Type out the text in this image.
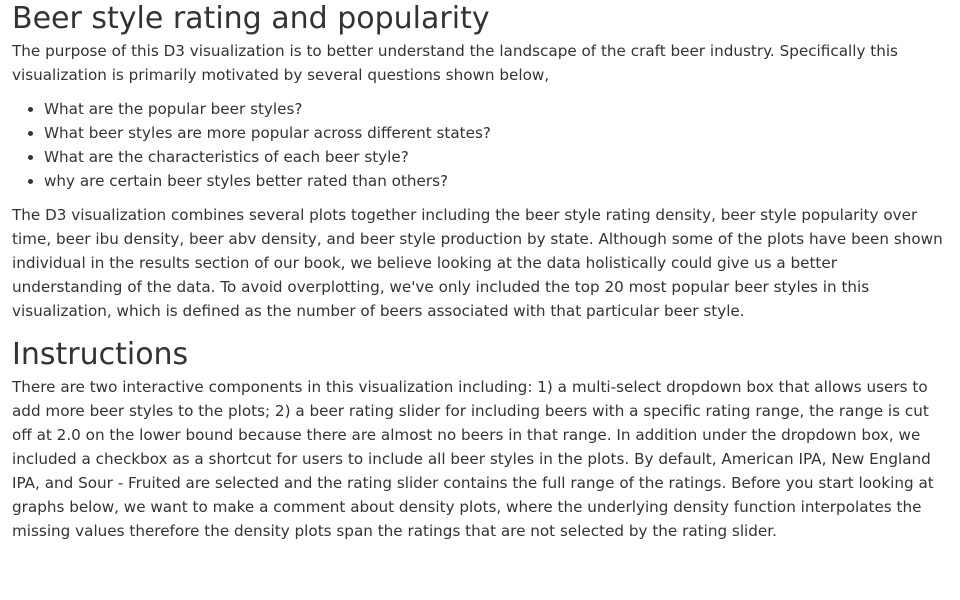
Beer style rating and popularity

The purpose of this D3 visualization is to better understand the landscape of the craft beer industry. Specifically this visualization is primarily motivated by several questions shown below,

• What are the popular beer styles?
• What beer styles are more popular across different states?
• What are the characteristics of each beer style?
• why are certain beer styles better rated than others?

The D3 visualization combines several plots together including the beer style rating density, beer style popularity over time, beer ibu density, beer abv density, and beer style production by state. Although some of the plots have been shown individual in the results section of our book, we believe looking at the data holistically could give us a better understanding of the data. To avoid overplotting, we've only included the top 20 most popular beer styles in this visualization, which is defined as the number of beers associated with that particular beer style.

Instructions

There are two interactive components in this visualization including: 1) a multi-select dropdown box that allows users to add more beer styles to the plots; 2) a beer rating slider for including beers with a specific rating range, the range is cut off at 2.0 on the lower bound because there are almost no beers in that range. In addition under the dropdown box, we included a checkbox as a shortcut for users to include all beer styles in the plots. By default, American IPA, New England IPA, and Sour - Fruited are selected and the rating slider contains the full range of the ratings. Before you start looking at graphs below, we want to make a comment about density plots, where the underlying density function interpolates the missing values therefore the density plots span the ratings that are not selected by the rating slider.
